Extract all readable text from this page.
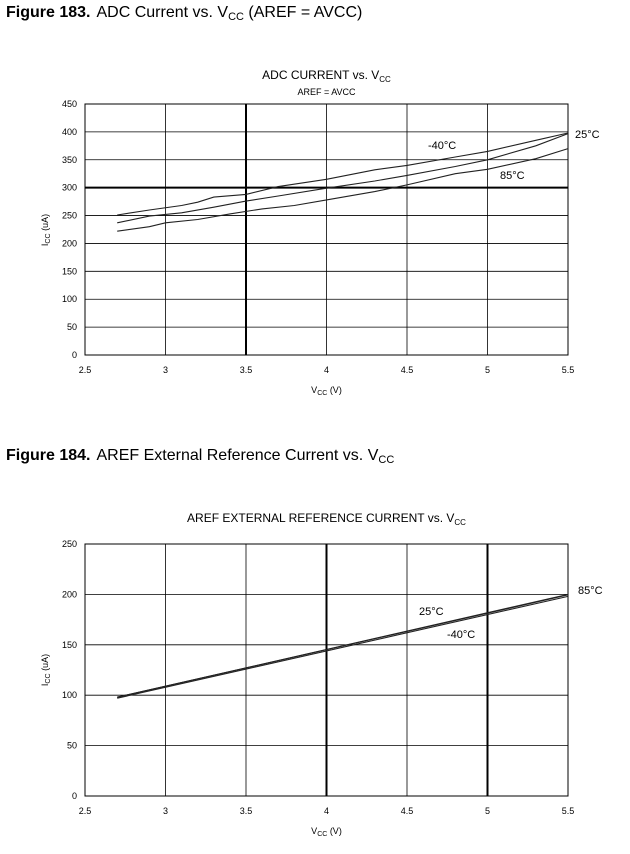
Figure 183. ADC Current vs. $V_{CC}$ (AREF = AVCC)
ADC CURRENT vs. $V_{CC}$
AREF = AVCC
2.5	3	3.5	4	4.5	5	5.5
0
50
100
150
200
250
300
350
400
450
-40°C
25°C
85°C
$V_{CC}$ (V)
$I_{CC}$ (uA)
Figure 184. AREF External Reference Current vs. $V_{CC}$
AREF EXTERNAL REFERENCE CURRENT vs. $V_{CC}$
2.5	3	3.5	4	4.5	5	5.5
0
50
100
150
200
250
25°C
-40°C
85°C
$V_{CC}$ (V)
$I_{CC}$ (uA)
